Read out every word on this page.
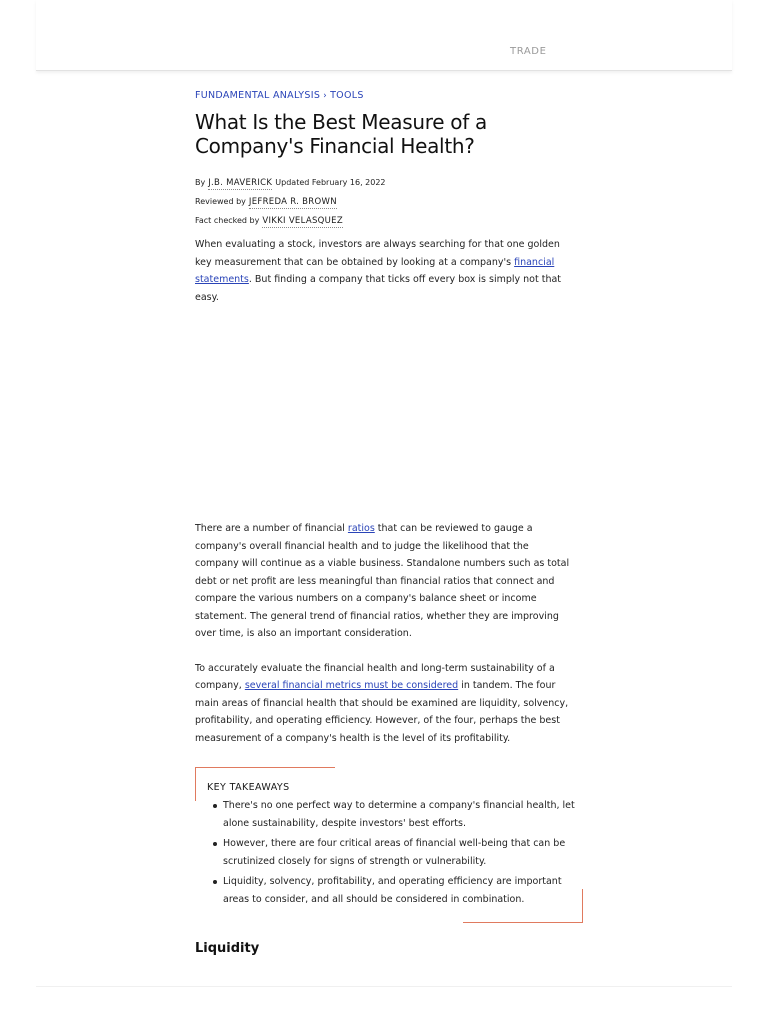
TRADE
FUNDAMENTAL ANALYSIS › TOOLS
What Is the Best Measure of a Company's Financial Health?
By J.B. MAVERICK Updated February 16, 2022
Reviewed by JEFREDA R. BROWN
Fact checked by VIKKI VELASQUEZ

When evaluating a stock, investors are always searching for that one golden key measurement that can be obtained by looking at a company's financial statements. But finding a company that ticks off every box is simply not that easy.

There are a number of financial ratios that can be reviewed to gauge a company's overall financial health and to judge the likelihood that the company will continue as a viable business. Standalone numbers such as total debt or net profit are less meaningful than financial ratios that connect and compare the various numbers on a company's balance sheet or income statement. The general trend of financial ratios, whether they are improving over time, is also an important consideration.

To accurately evaluate the financial health and long-term sustainability of a company, several financial metrics must be considered in tandem. The four main areas of financial health that should be examined are liquidity, solvency, profitability, and operating efficiency. However, of the four, perhaps the best measurement of a company's health is the level of its profitability.

KEY TAKEAWAYS
There's no one perfect way to determine a company's financial health, let alone sustainability, despite investors' best efforts.
However, there are four critical areas of financial well-being that can be scrutinized closely for signs of strength or vulnerability.
Liquidity, solvency, profitability, and operating efficiency are important areas to consider, and all should be considered in combination.
Liquidity
